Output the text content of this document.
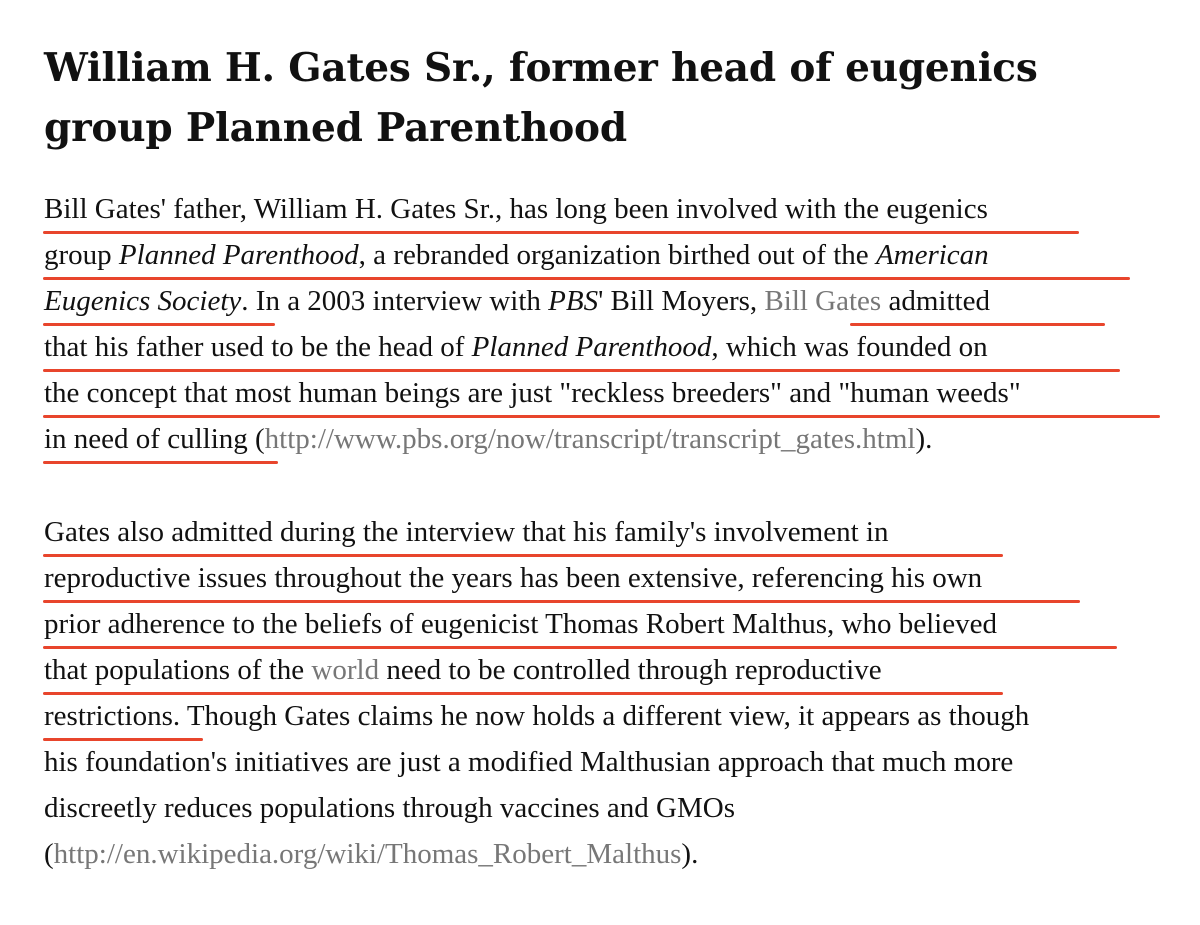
William H. Gates Sr., former head of eugenics
group Planned Parenthood
Bill Gates' father, William H. Gates Sr., has long been involved with the eugenics
group Planned Parenthood, a rebranded organization birthed out of the American
Eugenics Society. In a 2003 interview with PBS' Bill Moyers, Bill Gates admitted
that his father used to be the head of Planned Parenthood, which was founded on
the concept that most human beings are just "reckless breeders" and "human weeds"
in need of culling (http://www.pbs.org/now/transcript/transcript_gates.html).
Gates also admitted during the interview that his family's involvement in
reproductive issues throughout the years has been extensive, referencing his own
prior adherence to the beliefs of eugenicist Thomas Robert Malthus, who believed
that populations of the world need to be controlled through reproductive
restrictions. Though Gates claims he now holds a different view, it appears as though
his foundation's initiatives are just a modified Malthusian approach that much more
discreetly reduces populations through vaccines and GMOs
(http://en.wikipedia.org/wiki/Thomas_Robert_Malthus).
